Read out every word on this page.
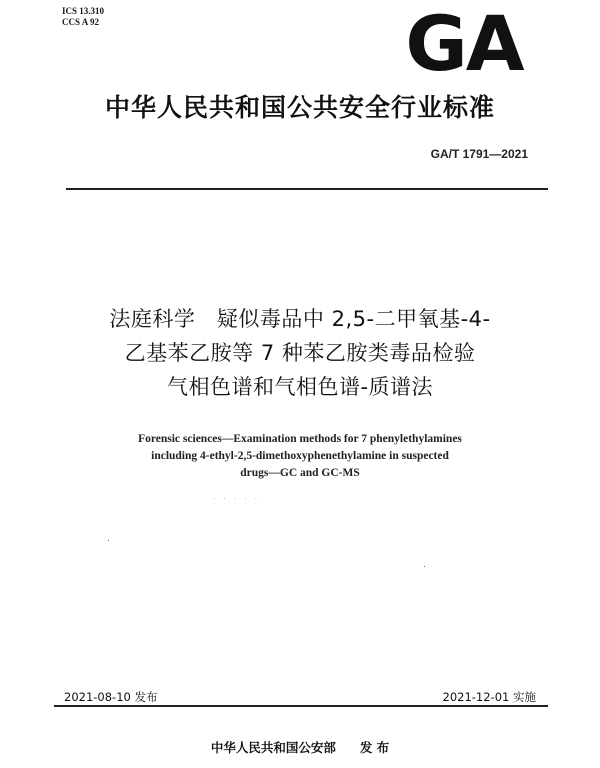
ICS 13.310
CCS A 92	GA
中华人民共和国公共安全行业标准
GA/T 1791—2021
法庭科学   疑似毒品中 2,5-二甲氧基-4-
乙基苯乙胺等 7 种苯乙胺类毒品检验
气相色谱和气相色谱-质谱法
Forensic sciences—Examination methods for 7 phenylethylamines
including 4-ethyl-2,5-dimethoxyphenethylamine in suspected
drugs—GC and GC-MS
· · · · ·
2021-08-10 发布	2021-12-01 实施
中华人民共和国公安部 发 布
